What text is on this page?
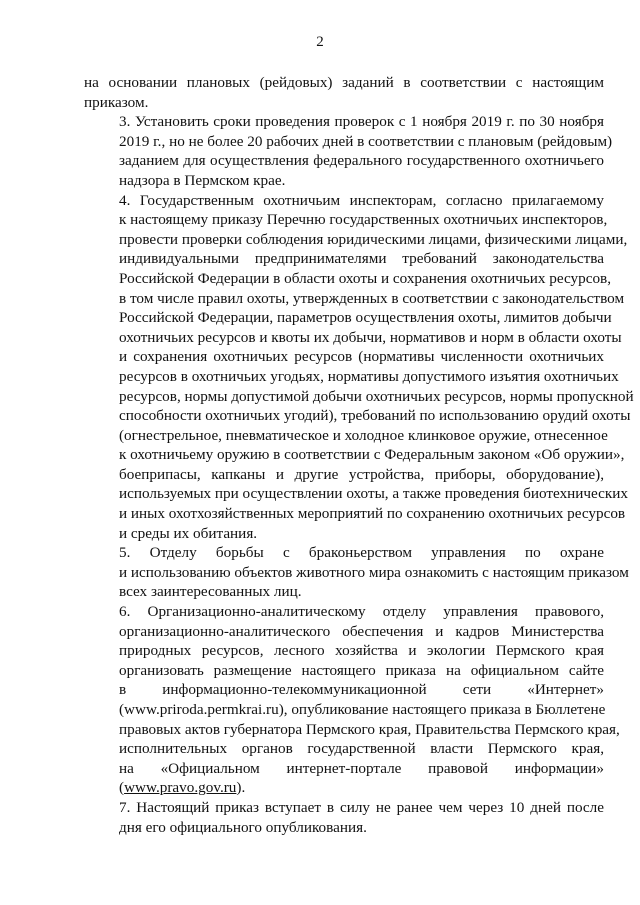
2

на основании плановых (рейдовых) заданий в соответствии с настоящим
приказом.

3. Установить сроки проведения проверок с 1 ноября 2019 г. по 30 ноября
2019 г., но не более 20 рабочих дней в соответствии с плановым (рейдовым)
заданием для осуществления федерального государственного охотничьего
надзора в Пермском крае.

4. Государственным охотничьим инспекторам, согласно прилагаемому
к настоящему приказу Перечню государственных охотничьих инспекторов,
провести проверки соблюдения юридическими лицами, физическими лицами,
индивидуальными предпринимателями требований законодательства
Российской Федерации в области охоты и сохранения охотничьих ресурсов,
в том числе правил охоты, утвержденных в соответствии с законодательством
Российской Федерации, параметров осуществления охоты, лимитов добычи
охотничьих ресурсов и квоты их добычи, нормативов и норм в области охоты
и сохранения охотничьих ресурсов (нормативы численности охотничьих
ресурсов в охотничьих угодьях, нормативы допустимого изъятия охотничьих
ресурсов, нормы допустимой добычи охотничьих ресурсов, нормы пропускной
способности охотничьих угодий), требований по использованию орудий охоты
(огнестрельное, пневматическое и холодное клинковое оружие, отнесенное
к охотничьему оружию в соответствии с Федеральным законом «Об оружии»,
боеприпасы, капканы и другие устройства, приборы, оборудование),
используемых при осуществлении охоты, а также проведения биотехнических
и иных охотхозяйственных мероприятий по сохранению охотничьих ресурсов
и среды их обитания.

5. Отделу борьбы с браконьерством управления по охране
и использованию объектов животного мира ознакомить с настоящим приказом
всех заинтересованных лиц.

6. Организационно-аналитическому отделу управления правового,
организационно-аналитического обеспечения и кадров Министерства
природных ресурсов, лесного хозяйства и экологии Пермского края
организовать размещение настоящего приказа на официальном сайте
в информационно-телекоммуникационной сети «Интернет»
(www.priroda.permkrai.ru), опубликование настоящего приказа в Бюллетене
правовых актов губернатора Пермского края, Правительства Пермского края,
исполнительных органов государственной власти Пермского края,
на «Официальном интернет-портале правовой информации»
(www.pravo.gov.ru).

7. Настоящий приказ вступает в силу не ранее чем через 10 дней после
дня его официального опубликования.
